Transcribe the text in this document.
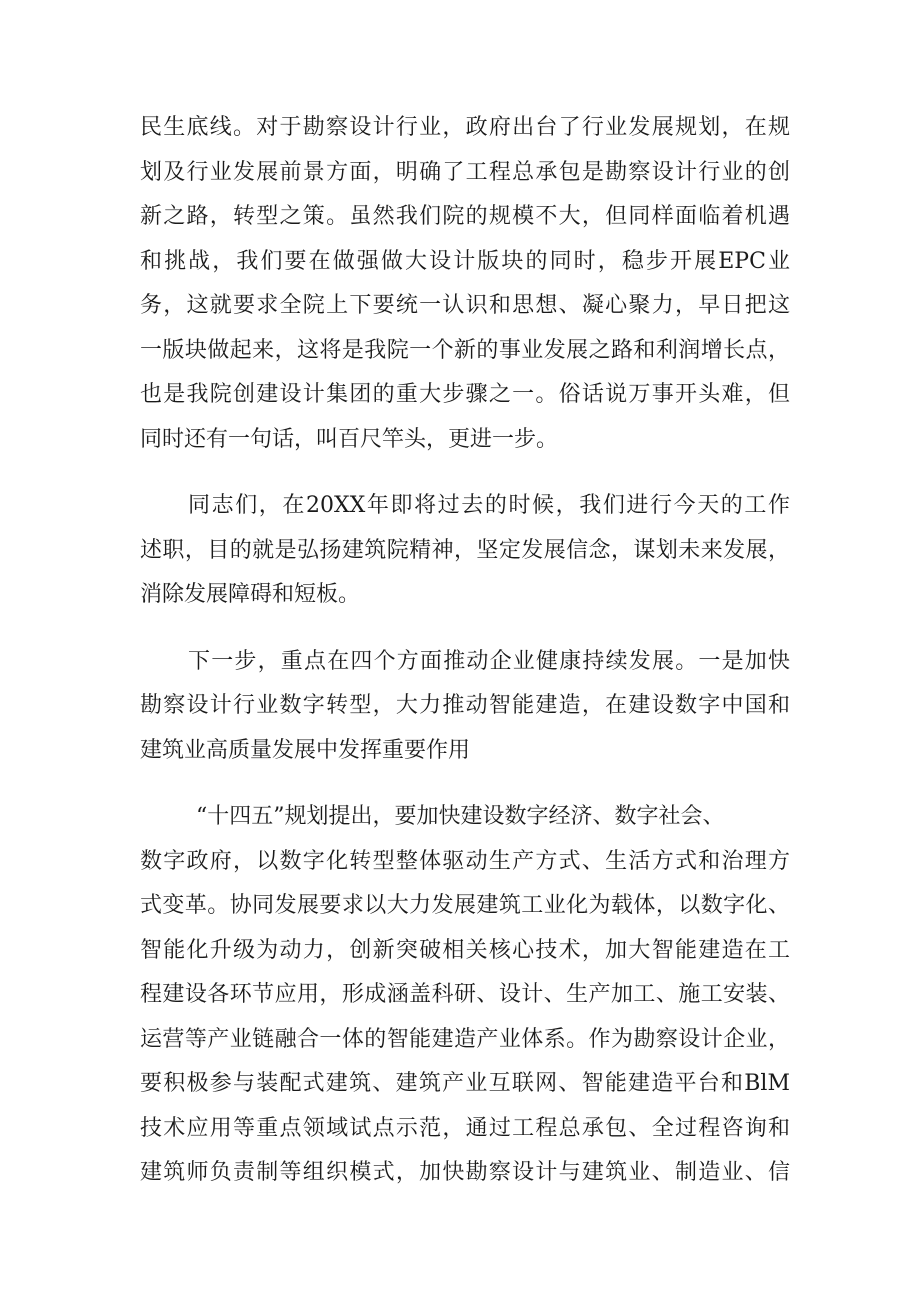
民生底线。对于勘察设计行业，政府出台了行业发展规划，在规
划及行业发展前景方面，明确了工程总承包是勘察设计行业的创
新之路，转型之策。虽然我们院的规模不大，但同样面临着机遇
和挑战，我们要在做强做大设计版块的同时，稳步开展EPC业
务，这就要求全院上下要统一认识和思想、凝心聚力，早日把这
一版块做起来，这将是我院一个新的事业发展之路和利润增长点，
也是我院创建设计集团的重大步骤之一。俗话说万事开头难，但
同时还有一句话，叫百尺竿头，更进一步。
同志们，在20XX年即将过去的时候，我们进行今天的工作
述职，目的就是弘扬建筑院精神，坚定发展信念，谋划未来发展，
消除发展障碍和短板。
下一步，重点在四个方面推动企业健康持续发展。一是加快
勘察设计行业数字转型，大力推动智能建造，在建设数字中国和
建筑业高质量发展中发挥重要作用
“十四五”规划提出，要加快建设数字经济、数字社会、
数字政府，以数字化转型整体驱动生产方式、生活方式和治理方
式变革。协同发展要求以大力发展建筑工业化为载体，以数字化、
智能化升级为动力，创新突破相关核心技术，加大智能建造在工
程建设各环节应用，形成涵盖科研、设计、生产加工、施工安装、
运营等产业链融合一体的智能建造产业体系。作为勘察设计企业，
要积极参与装配式建筑、建筑产业互联网、智能建造平台和BlM
技术应用等重点领域试点示范，通过工程总承包、全过程咨询和
建筑师负责制等组织模式，加快勘察设计与建筑业、制造业、信
